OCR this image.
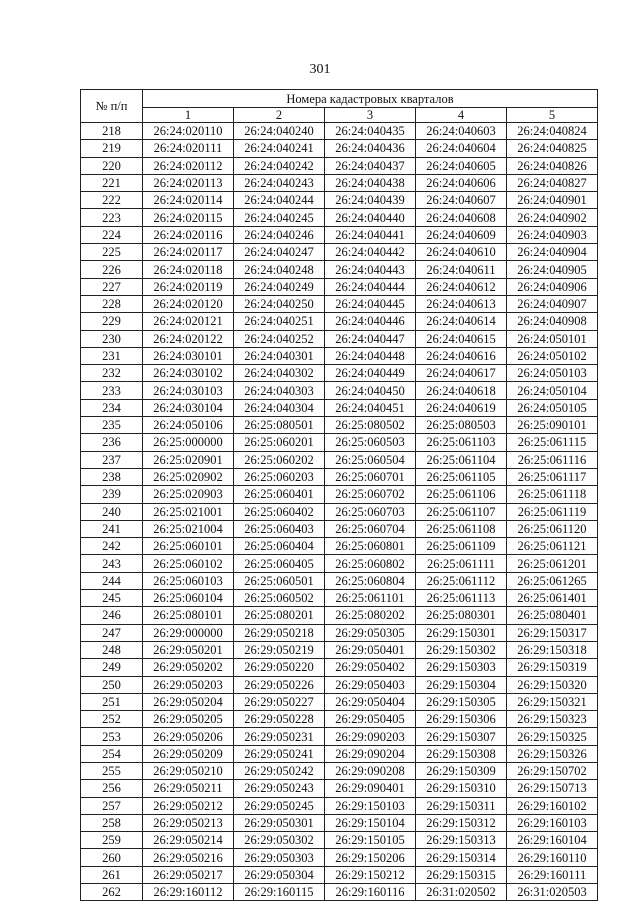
301
№ п/п	Номера кадастровых кварталов				
	1	2	3	4	5
218	26:24:020110	26:24:040240	26:24:040435	26:24:040603	26:24:040824
219	26:24:020111	26:24:040241	26:24:040436	26:24:040604	26:24:040825
220	26:24:020112	26:24:040242	26:24:040437	26:24:040605	26:24:040826
221	26:24:020113	26:24:040243	26:24:040438	26:24:040606	26:24:040827
222	26:24:020114	26:24:040244	26:24:040439	26:24:040607	26:24:040901
223	26:24:020115	26:24:040245	26:24:040440	26:24:040608	26:24:040902
224	26:24:020116	26:24:040246	26:24:040441	26:24:040609	26:24:040903
225	26:24:020117	26:24:040247	26:24:040442	26:24:040610	26:24:040904
226	26:24:020118	26:24:040248	26:24:040443	26:24:040611	26:24:040905
227	26:24:020119	26:24:040249	26:24:040444	26:24:040612	26:24:040906
228	26:24:020120	26:24:040250	26:24:040445	26:24:040613	26:24:040907
229	26:24:020121	26:24:040251	26:24:040446	26:24:040614	26:24:040908
230	26:24:020122	26:24:040252	26:24:040447	26:24:040615	26:24:050101
231	26:24:030101	26:24:040301	26:24:040448	26:24:040616	26:24:050102
232	26:24:030102	26:24:040302	26:24:040449	26:24:040617	26:24:050103
233	26:24:030103	26:24:040303	26:24:040450	26:24:040618	26:24:050104
234	26:24:030104	26:24:040304	26:24:040451	26:24:040619	26:24:050105
235	26:24:050106	26:25:080501	26:25:080502	26:25:080503	26:25:090101
236	26:25:000000	26:25:060201	26:25:060503	26:25:061103	26:25:061115
237	26:25:020901	26:25:060202	26:25:060504	26:25:061104	26:25:061116
238	26:25:020902	26:25:060203	26:25:060701	26:25:061105	26:25:061117
239	26:25:020903	26:25:060401	26:25:060702	26:25:061106	26:25:061118
240	26:25:021001	26:25:060402	26:25:060703	26:25:061107	26:25:061119
241	26:25:021004	26:25:060403	26:25:060704	26:25:061108	26:25:061120
242	26:25:060101	26:25:060404	26:25:060801	26:25:061109	26:25:061121
243	26:25:060102	26:25:060405	26:25:060802	26:25:061111	26:25:061201
244	26:25:060103	26:25:060501	26:25:060804	26:25:061112	26:25:061265
245	26:25:060104	26:25:060502	26:25:061101	26:25:061113	26:25:061401
246	26:25:080101	26:25:080201	26:25:080202	26:25:080301	26:25:080401
247	26:29:000000	26:29:050218	26:29:050305	26:29:150301	26:29:150317
248	26:29:050201	26:29:050219	26:29:050401	26:29:150302	26:29:150318
249	26:29:050202	26:29:050220	26:29:050402	26:29:150303	26:29:150319
250	26:29:050203	26:29:050226	26:29:050403	26:29:150304	26:29:150320
251	26:29:050204	26:29:050227	26:29:050404	26:29:150305	26:29:150321
252	26:29:050205	26:29:050228	26:29:050405	26:29:150306	26:29:150323
253	26:29:050206	26:29:050231	26:29:090203	26:29:150307	26:29:150325
254	26:29:050209	26:29:050241	26:29:090204	26:29:150308	26:29:150326
255	26:29:050210	26:29:050242	26:29:090208	26:29:150309	26:29:150702
256	26:29:050211	26:29:050243	26:29:090401	26:29:150310	26:29:150713
257	26:29:050212	26:29:050245	26:29:150103	26:29:150311	26:29:160102
258	26:29:050213	26:29:050301	26:29:150104	26:29:150312	26:29:160103
259	26:29:050214	26:29:050302	26:29:150105	26:29:150313	26:29:160104
260	26:29:050216	26:29:050303	26:29:150206	26:29:150314	26:29:160110
261	26:29:050217	26:29:050304	26:29:150212	26:29:150315	26:29:160111
262	26:29:160112	26:29:160115	26:29:160116	26:31:020502	26:31:020503
